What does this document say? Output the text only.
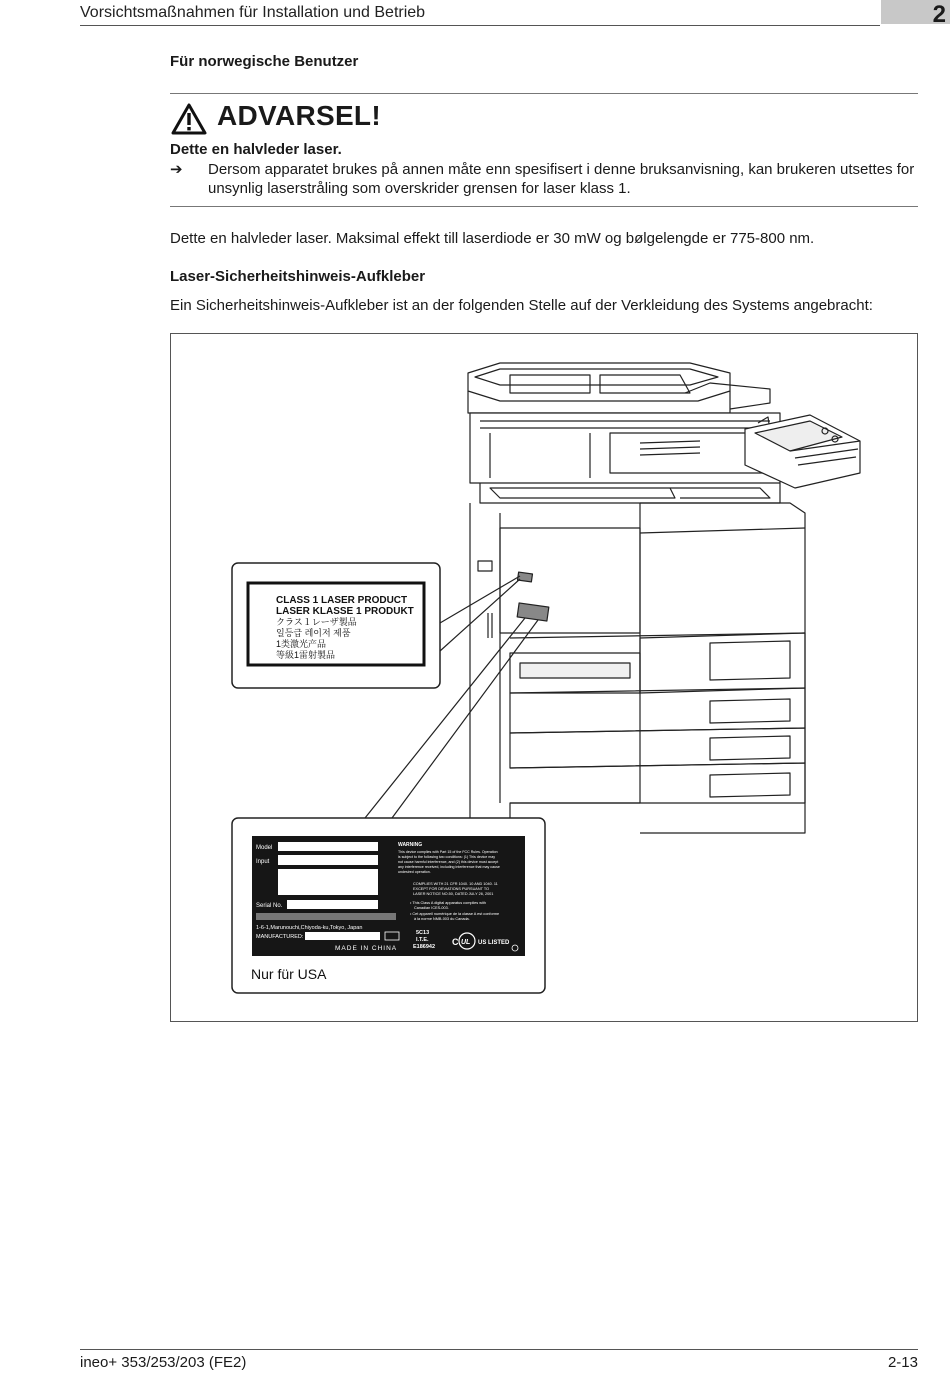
Vorsichtsmaßnahmen für Installation und Betrieb	2
Für norwegische Benutzer
ADVARSEL!
Dette en halvleder laser.
➔ Dersom apparatet brukes på annen måte enn spesifisert i denne bruksanvisning, kan brukeren utsettes for unsynlig laserstråling som overskrider grensen for laser klass 1.
Dette en halvleder laser. Maksimal effekt till laserdiode er 30 mW og bølgelengde er 775-800 nm.
Laser-Sicherheitshinweis-Aufkleber
Ein Sicherheitshinweis-Aufkleber ist an der folgenden Stelle auf der Verkleidung des Systems angebracht:
CLASS 1 LASER PRODUCT
LASER KLASSE 1 PRODUKT
クラス１レーザ製品
일등급 레이저 제품
1类激光产品
等級1雷射製品
Model
Input
Serial No.
1-6-1,Marunouchi,Chiyoda-ku,Tokyo, Japan
MANUFACTURED:
MADE IN CHINA
WARNING
This device complies with Part 15 of the FCC Rules. Operation
is subject to the following two conditions: (1) This device may
not cause harmful interference, and (2) this device must accept
any interference received, including interference that may cause
undesired operation.
COMPLIES WITH 21 CFR 1040. 10 AND 1040. 11
EXCEPT FOR DEVIATIONS PURSUANT TO
LASER NOTICE NO.50, DATED JULY 26, 2001
• This Class A digital apparatus complies with
Canadian ICES-003.
• Cet appareil numérique de la classe A est conforme
à la norme NMB-003 du Canada.
5C13
I.T.E.
E186942 C UL US LISTED
Nur für USA
ineo+ 353/253/203 (FE2)	2-13
